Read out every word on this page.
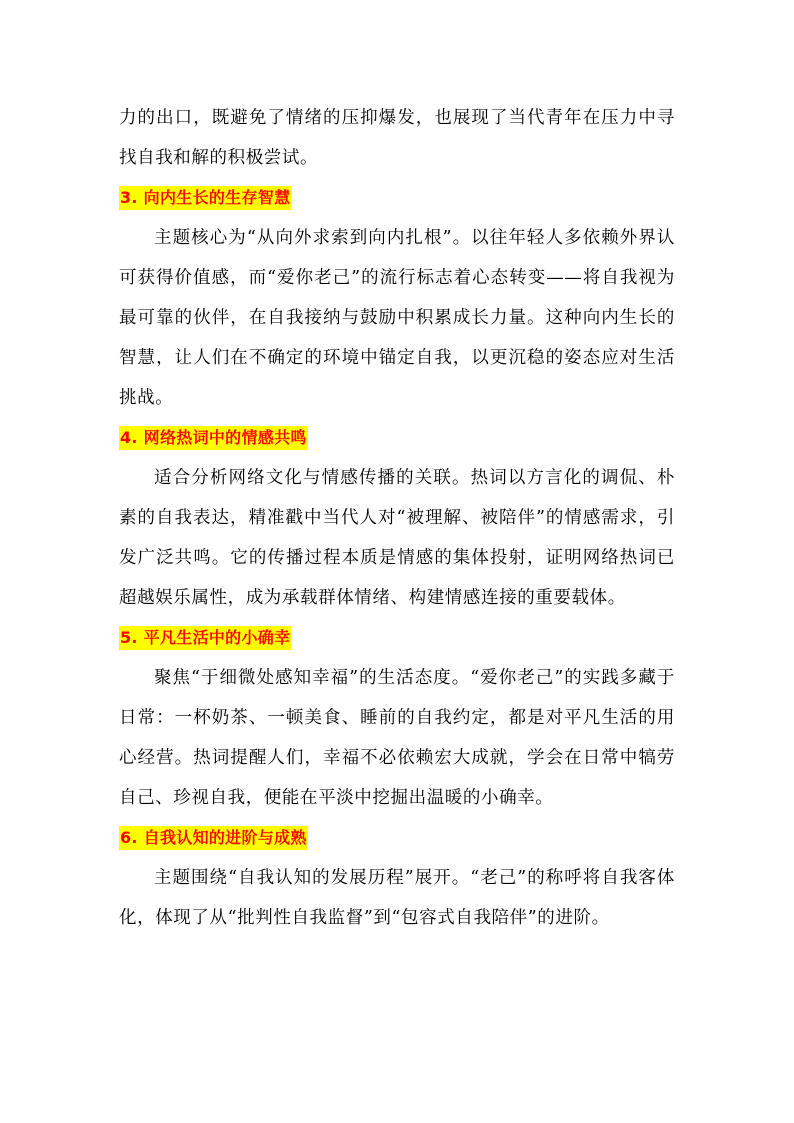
力的出口，既避免了情绪的压抑爆发，也展现了当代青年在压力中寻找自我和解的积极尝试。

3. 向内生长的生存智慧

主题核心为“从向外求索到向内扎根”。以往年轻人多依赖外界认可获得价值感，而“爱你老己”的流行标志着心态转变——将自我视为最可靠的伙伴，在自我接纳与鼓励中积累成长力量。这种向内生长的智慧，让人们在不确定的环境中锚定自我，以更沉稳的姿态应对生活挑战。

4. 网络热词中的情感共鸣

适合分析网络文化与情感传播的关联。热词以方言化的调侃、朴素的自我表达，精准戳中当代人对“被理解、被陪伴”的情感需求，引发广泛共鸣。它的传播过程本质是情感的集体投射，证明网络热词已超越娱乐属性，成为承载群体情绪、构建情感连接的重要载体。

5. 平凡生活中的小确幸

聚焦“于细微处感知幸福”的生活态度。“爱你老己”的实践多藏于日常：一杯奶茶、一顿美食、睡前的自我约定，都是对平凡生活的用心经营。热词提醒人们，幸福不必依赖宏大成就，学会在日常中犒劳自己、珍视自我，便能在平淡中挖掘出温暖的小确幸。

6. 自我认知的进阶与成熟

主题围绕“自我认知的发展历程”展开。“老己”的称呼将自我客体化，体现了从“批判性自我监督”到“包容式自我陪伴”的进阶。
